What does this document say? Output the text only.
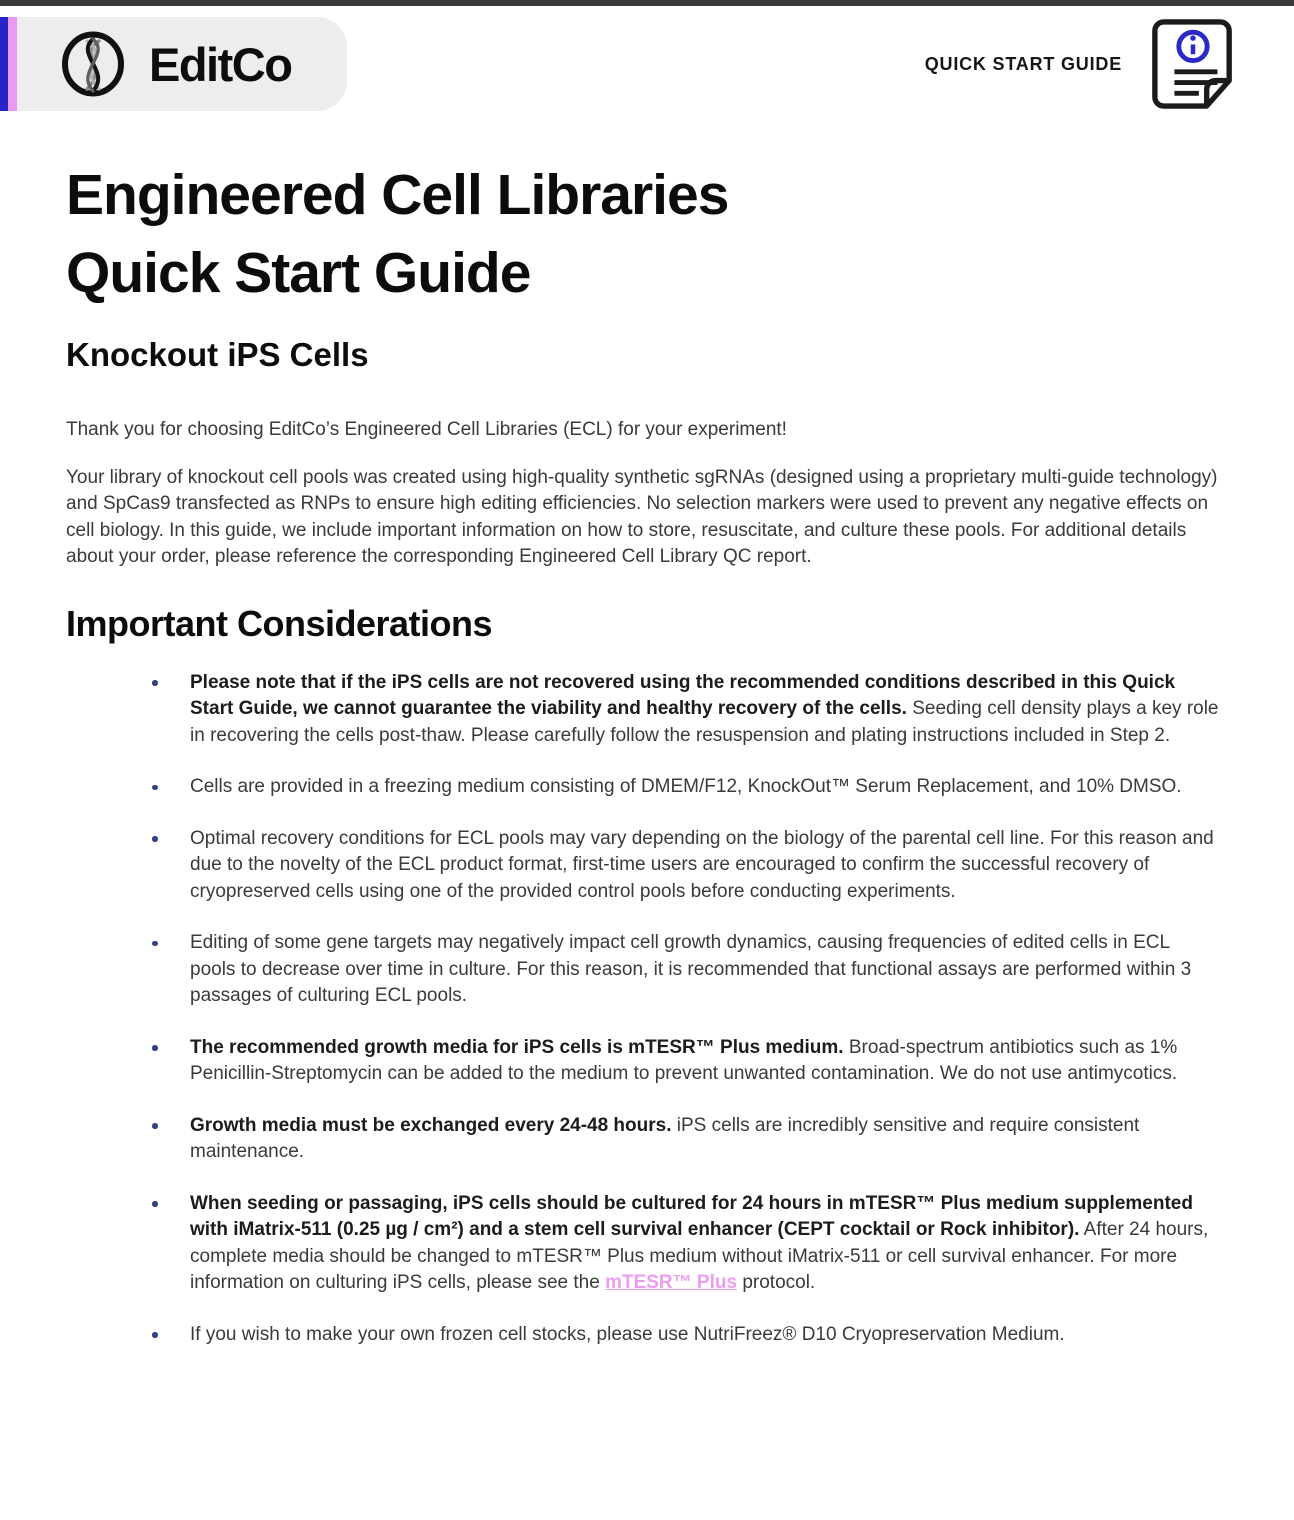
EditCo	QUICK START GUIDE
Engineered Cell Libraries
Quick Start Guide
Knockout iPS Cells

Thank you for choosing EditCo’s Engineered Cell Libraries (ECL) for your experiment!

Your library of knockout cell pools was created using high-quality synthetic sgRNAs (designed using a proprietary multi-guide technology) and SpCas9 transfected as RNPs to ensure high editing efficiencies. No selection markers were used to prevent any negative effects on cell biology. In this guide, we include important information on how to store, resuscitate, and culture these pools. For additional details about your order, please reference the corresponding Engineered Cell Library QC report.

Important Considerations
Please note that if the iPS cells are not recovered using the recommended conditions described in this Quick Start Guide, we cannot guarantee the viability and healthy recovery of the cells. Seeding cell density plays a key role in recovering the cells post-thaw. Please carefully follow the resuspension and plating instructions included in Step 2.
Cells are provided in a freezing medium consisting of DMEM/F12, KnockOut™ Serum Replacement, and 10% DMSO.
Optimal recovery conditions for ECL pools may vary depending on the biology of the parental cell line. For this reason and due to the novelty of the ECL product format, first-time users are encouraged to confirm the successful recovery of cryopreserved cells using one of the provided control pools before conducting experiments.
Editing of some gene targets may negatively impact cell growth dynamics, causing frequencies of edited cells in ECL pools to decrease over time in culture. For this reason, it is recommended that functional assays are performed within 3 passages of culturing ECL pools.
The recommended growth media for iPS cells is mTESR™ Plus medium. Broad-spectrum antibiotics such as 1% Penicillin-Streptomycin can be added to the medium to prevent unwanted contamination. We do not use antimycotics.
Growth media must be exchanged every 24-48 hours. iPS cells are incredibly sensitive and require consistent maintenance.
When seeding or passaging, iPS cells should be cultured for 24 hours in mTESR™ Plus medium supplemented with iMatrix-511 (0.25 µg / cm²) and a stem cell survival enhancer (CEPT cocktail or Rock inhibitor). After 24 hours, complete media should be changed to mTESR™ Plus medium without iMatrix-511 or cell survival enhancer. For more information on culturing iPS cells, please see the mTESR™ Plus protocol.
If you wish to make your own frozen cell stocks, please use NutriFreez® D10 Cryopreservation Medium.
